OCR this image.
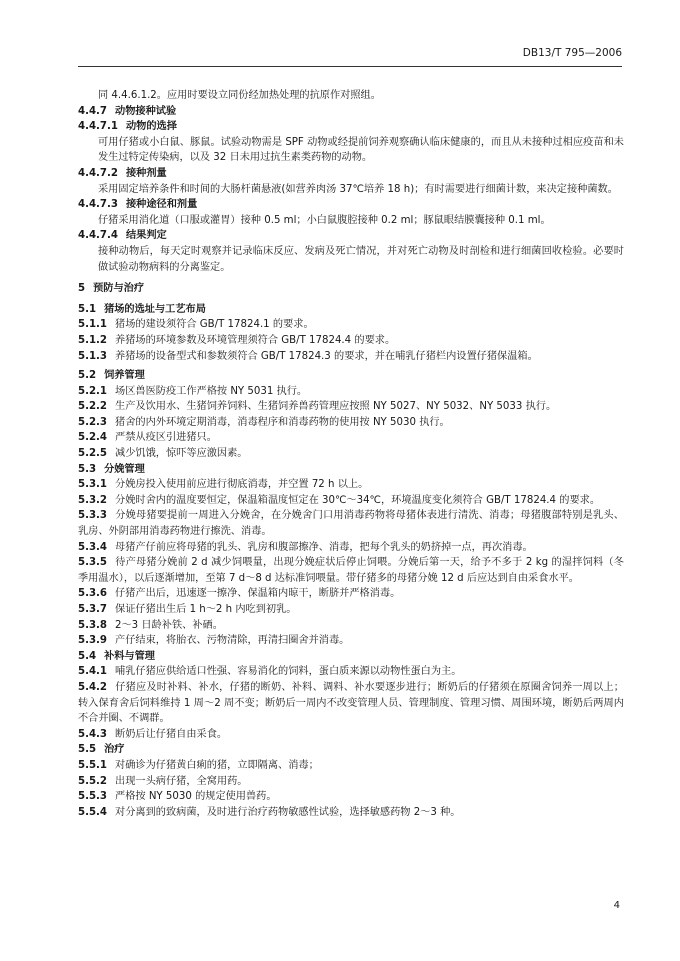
DB13/T 795—2006
同 4.4.6.1.2。应用时要设立同份经加热处理的抗原作对照组。
4.4.7 动物接种试验
4.4.7.1 动物的选择
可用仔猪或小白鼠、豚鼠。试验动物需是 SPF 动物或经提前饲养观察确认临床健康的，而且从未接种过相应疫苗和未发生过特定传染病，以及 32 日未用过抗生素类药物的动物。
4.4.7.2 接种剂量
采用固定培养条件和时间的大肠杆菌悬液(如营养肉汤 37℃培养 18 h)；有时需要进行细菌计数，来决定接种菌数。
4.4.7.3 接种途径和剂量
仔猪采用消化道（口服或灌胃）接种 0.5 ml；小白鼠腹腔接种 0.2 ml；豚鼠眼结膜囊接种 0.1 ml。
4.4.7.4 结果判定
接种动物后，每天定时观察并记录临床反应、发病及死亡情况，并对死亡动物及时剖检和进行细菌回收检验。必要时做试验动物病料的分离鉴定。
5 预防与治疗
5.1 猪场的选址与工艺布局
5.1.1 猪场的建设须符合 GB/T 17824.1 的要求。
5.1.2 养猪场的环境参数及环境管理须符合 GB/T 17824.4 的要求。
5.1.3 养猪场的设备型式和参数须符合 GB/T 17824.3 的要求，并在哺乳仔猪栏内设置仔猪保温箱。
5.2 饲养管理
5.2.1 场区兽医防疫工作严格按 NY 5031 执行。
5.2.2 生产及饮用水、生猪饲养饲料、生猪饲养兽药管理应按照 NY 5027、NY 5032、NY 5033 执行。
5.2.3 猪舍的内外环境定期消毒，消毒程序和消毒药物的使用按 NY 5030 执行。
5.2.4 严禁从疫区引进猪只。
5.2.5 减少饥饿，惊吓等应激因素。
5.3 分娩管理
5.3.1 分娩房投入使用前应进行彻底消毒，并空置 72 h 以上。
5.3.2 分娩时舍内的温度要恒定，保温箱温度恒定在 30℃～34℃，环境温度变化须符合 GB/T 17824.4 的要求。
5.3.3 分娩母猪要提前一周进入分娩舍，在分娩舍门口用消毒药物将母猪体表进行清洗、消毒；母猪腹部特别是乳头、乳房、外阴部用消毒药物进行擦洗、消毒。
5.3.4 母猪产仔前应将母猪的乳头、乳房和腹部擦净、消毒，把每个乳头的奶挤掉一点，再次消毒。
5.3.5 待产母猪分娩前 2 d 减少饲喂量，出现分娩症状后停止饲喂。分娩后第一天，给予不多于 2 kg 的湿拌饲料（冬季用温水），以后逐渐增加，至第 7 d～8 d 达标准饲喂量。带仔猪多的母猪分娩 12 d 后应达到自由采食水平。
5.3.6 仔猪产出后，迅速逐一擦净、保温箱内晾干，断脐并严格消毒。
5.3.7 保证仔猪出生后 1 h～2 h 内吃到初乳。
5.3.8 2～3 日龄补铁、补硒。
5.3.9 产仔结束，将胎衣、污物清除，再清扫圈舍并消毒。
5.4 补料与管理
5.4.1 哺乳仔猪应供给适口性强、容易消化的饲料，蛋白质来源以动物性蛋白为主。
5.4.2 仔猪应及时补料、补水，仔猪的断奶、补料、调料、补水要逐步进行；断奶后的仔猪须在原圈舍饲养一周以上；转入保育舍后饲料维持 1 周～2 周不变；断奶后一周内不改变管理人员、管理制度、管理习惯、周围环境，断奶后两周内不合并圈、不调群。
5.4.3 断奶后让仔猪自由采食。
5.5 治疗
5.5.1 对确诊为仔猪黄白痢的猪，立即隔离、消毒；
5.5.2 出现一头病仔猪，全窝用药。
5.5.3 严格按 NY 5030 的规定使用兽药。
5.5.4 对分离到的致病菌，及时进行治疗药物敏感性试验，选择敏感药物 2～3 种。
4
